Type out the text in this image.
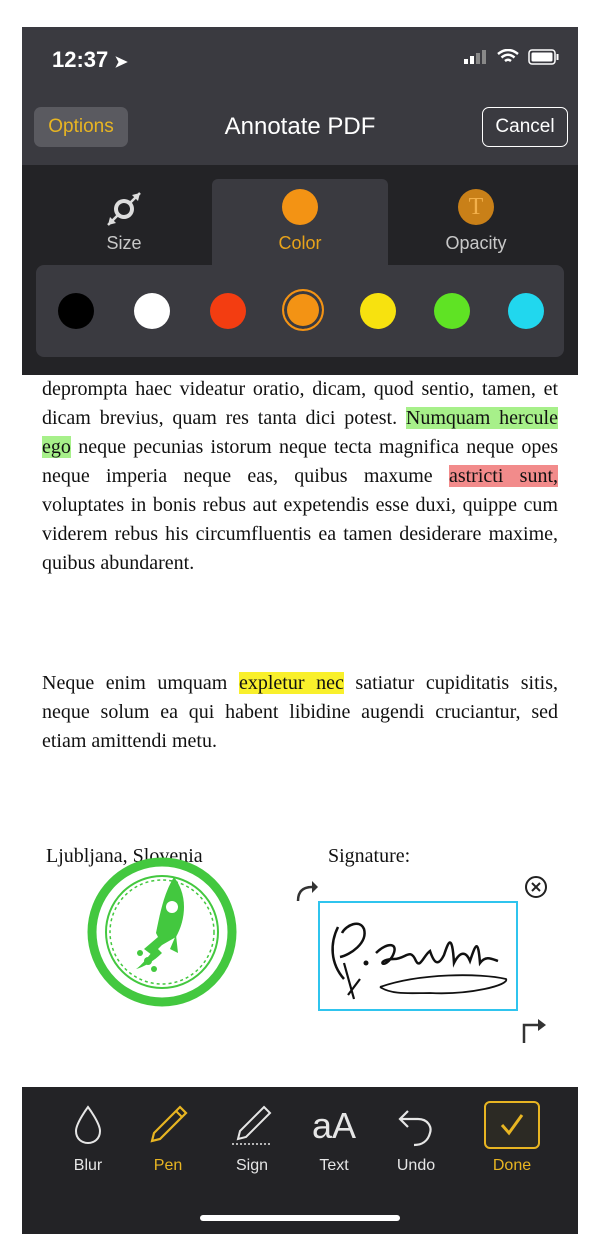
12:37 ➤
Options	Annotate PDF	Cancel
Size	Color
T
Opacity
deprompta haec videatur oratio, dicam, quod sentio, tamen, et dicam brevius, quam res tanta dici potest. Numquam hercule ego neque pecunias istorum neque tecta magnifica neque opes neque imperia neque eas, quibus maxume astricti sunt, voluptates in bonis rebus aut expetendis esse duxi, quippe cum viderem rebus his circumfluentis ea tamen desiderare maxime, quibus abundarent.
Neque enim umquam expletur nec satiatur cupiditatis sitis, neque solum ea qui habent libidine augendi cruciantur, sed etiam amittendi metu.
Ljubljana, Slovenia	Signature:
Blur	Pen	Sign
aA
Text	Undo	Done
